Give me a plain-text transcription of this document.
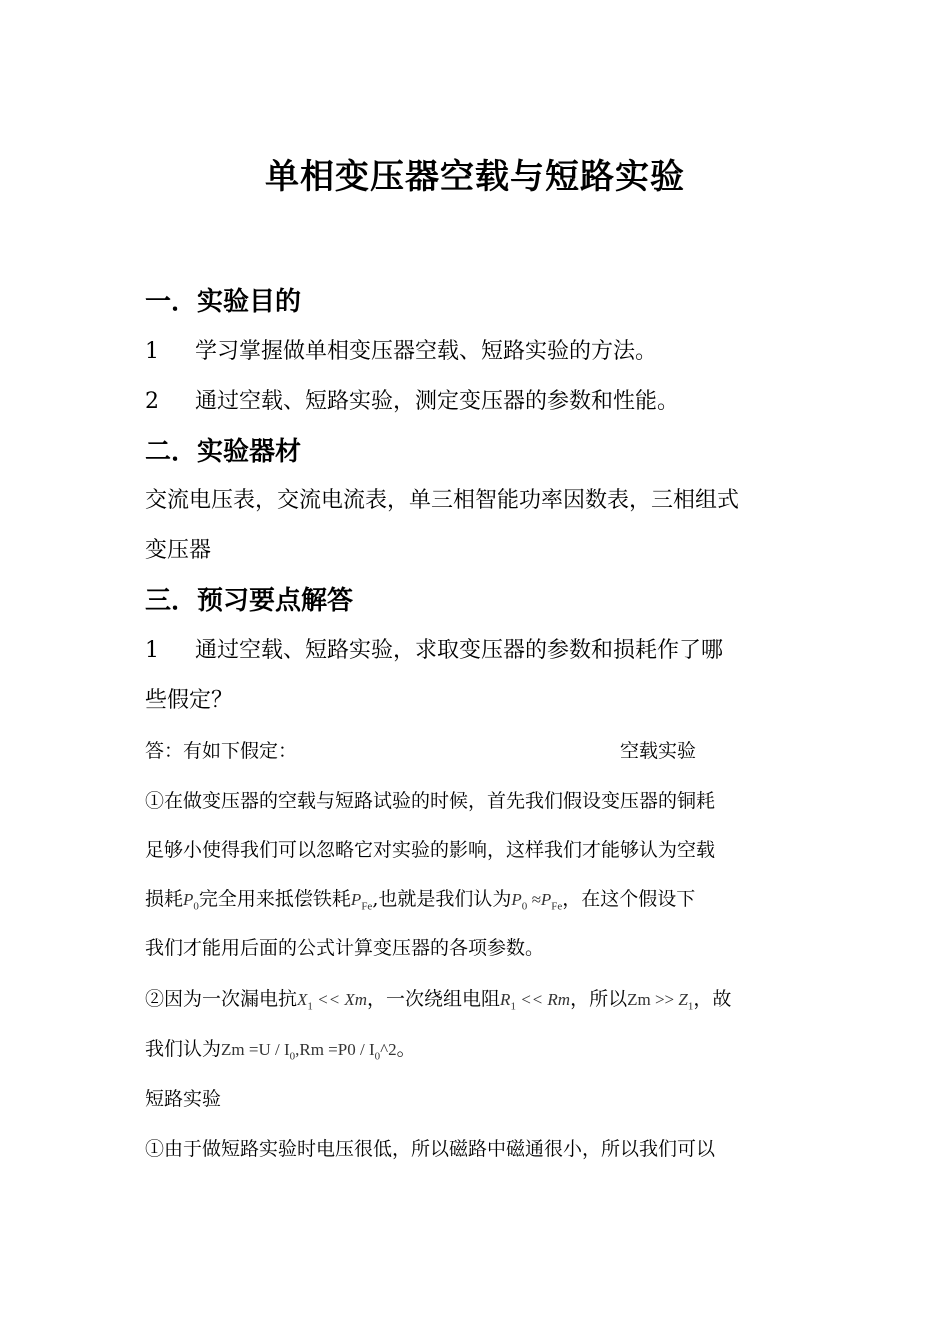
单相变压器空载与短路实验
一．实验目的
1 学习掌握做单相变压器空载、短路实验的方法。
2 通过空载、短路实验，测定变压器的参数和性能。
二．实验器材
交流电压表，交流电流表，单三相智能功率因数表，三相组式
变压器
三．预习要点解答
1 通过空载、短路实验，求取变压器的参数和损耗作了哪
些假定？
答：有如下假定：	空载实验
①在做变压器的空载与短路试验的时候，首先我们假设变压器的铜耗
足够小使得我们可以忽略它对实验的影响，这样我们才能够认为空载
损耗$P_0$完全用来抵偿铁耗$P_{Fe}$,也就是我们认为$P_0 \approx P_{Fe}$，在这个假设下
我们才能用后面的公式计算变压器的各项参数。
②因为一次漏电抗$X_1 << Xm$，一次绕组电阻$R_1 << Rm$，所以$Zm >> Z_1$，故
我们认为$Zm =U / I_0,Rm =P0$ / $I_0\^{}2$。
短路实验
①由于做短路实验时电压很低，所以磁路中磁通很小，所以我们可以
